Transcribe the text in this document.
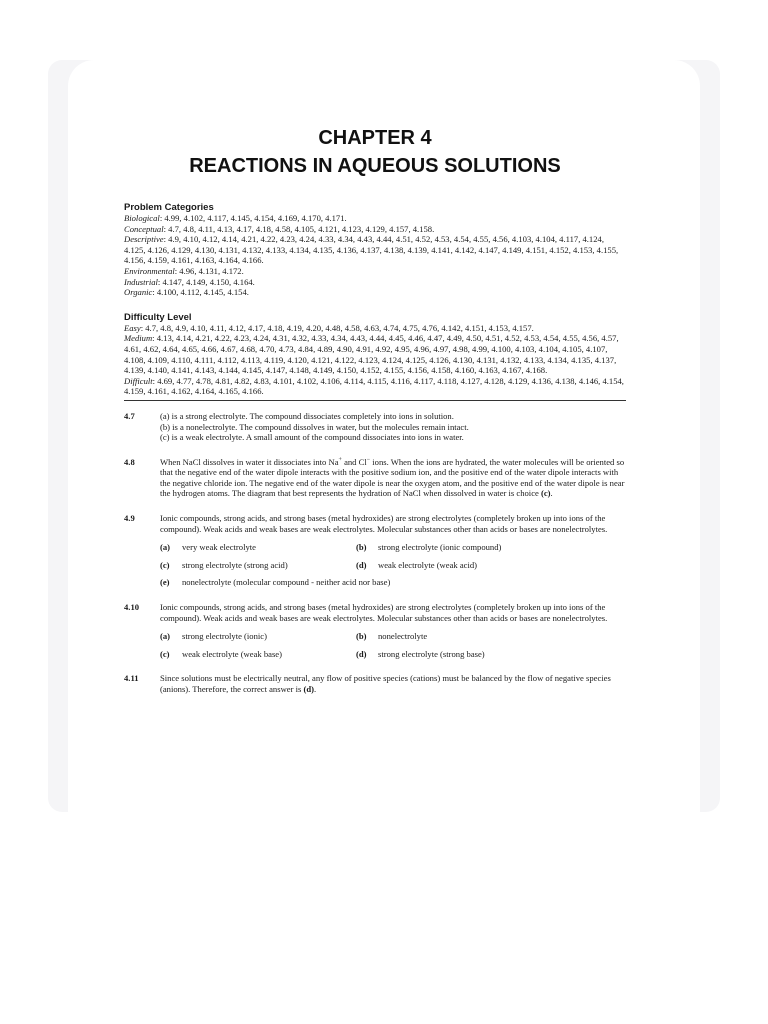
CHAPTER 4
REACTIONS IN AQUEOUS SOLUTIONS
Problem Categories

Biological: 4.99, 4.102, 4.117, 4.145, 4.154, 4.169, 4.170, 4.171.

Conceptual: 4.7, 4.8, 4.11, 4.13, 4.17, 4.18, 4.58, 4.105, 4.121, 4.123, 4.129, 4.157, 4.158.

Descriptive: 4.9, 4.10, 4.12, 4.14, 4.21, 4.22, 4.23, 4.24, 4.33, 4.34, 4.43, 4.44, 4.51, 4.52, 4.53, 4.54, 4.55, 4.56, 4.103, 4.104, 4.117, 4.124, 4.125, 4.126, 4.129, 4.130, 4.131, 4.132, 4.133, 4.134, 4.135, 4.136, 4.137, 4.138, 4.139, 4.141, 4.142, 4.147, 4.149, 4.151, 4.152, 4.153, 4.155, 4.156, 4.159, 4.161, 4.163, 4.164, 4.166.

Environmental: 4.96, 4.131, 4.172.

Industrial: 4.147, 4.149, 4.150, 4.164.

Organic: 4.100, 4.112, 4.145, 4.154.

Difficulty Level

Easy: 4.7, 4.8, 4.9, 4.10, 4.11, 4.12, 4.17, 4.18, 4.19, 4.20, 4.48, 4.58, 4.63, 4.74, 4.75, 4.76, 4.142, 4.151, 4.153, 4.157.

Medium: 4.13, 4.14, 4.21, 4.22, 4.23, 4.24, 4.31, 4.32, 4.33, 4.34, 4.43, 4.44, 4.45, 4.46, 4.47, 4.49, 4.50, 4.51, 4.52, 4.53, 4.54, 4.55, 4.56, 4.57, 4.61, 4.62, 4.64, 4.65, 4.66, 4.67, 4.68, 4.70, 4.73, 4.84, 4.89, 4.90, 4.91, 4.92, 4.95, 4.96, 4.97, 4.98, 4.99, 4.100, 4.103, 4.104, 4.105, 4.107, 4.108, 4.109, 4.110, 4.111, 4.112, 4.113, 4.119, 4.120, 4.121, 4.122, 4.123, 4.124, 4.125, 4.126, 4.130, 4.131, 4.132, 4.133, 4.134, 4.135, 4.137, 4.139, 4.140, 4.141, 4.143, 4.144, 4.145, 4.147, 4.148, 4.149, 4.150, 4.152, 4.155, 4.156, 4.158, 4.160, 4.163, 4.167, 4.168.

Difficult: 4.69, 4.77, 4.78, 4.81, 4.82, 4.83, 4.101, 4.102, 4.106, 4.114, 4.115, 4.116, 4.117, 4.118, 4.127, 4.128, 4.129, 4.136, 4.138, 4.146, 4.154, 4.159, 4.161, 4.162, 4.164, 4.165, 4.166.

4.7	(a) is a strong electrolyte. The compound dissociates completely into ions in solution.

(b) is a nonelectrolyte. The compound dissolves in water, but the molecules remain intact.

(c) is a weak electrolyte. A small amount of the compound dissociates into ions in water.

4.8	When NaCl dissolves in water it dissociates into Na+ and Cl− ions. When the ions are hydrated, the water molecules will be oriented so that the negative end of the water dipole interacts with the positive sodium ion, and the positive end of the water dipole interacts with the negative chloride ion. The negative end of the water dipole is near the oxygen atom, and the positive end of the water dipole is near the hydrogen atoms. The diagram that best represents the hydration of NaCl when dissolved in water is choice (c).

4.9	Ionic compounds, strong acids, and strong bases (metal hydroxides) are strong electrolytes (completely broken up into ions of the compound). Weak acids and weak bases are weak electrolytes. Molecular substances other than acids or bases are nonelectrolytes.

(a)	very weak electrolyte	(b)	strong electrolyte (ionic compound)
(c)	strong electrolyte (strong acid)	(d)	weak electrolyte (weak acid)
(e)	nonelectrolyte (molecular compound - neither acid nor base)
4.10	Ionic compounds, strong acids, and strong bases (metal hydroxides) are strong electrolytes (completely broken up into ions of the compound). Weak acids and weak bases are weak electrolytes. Molecular substances other than acids or bases are nonelectrolytes.

(a)	strong electrolyte (ionic)	(b)	nonelectrolyte
(c)	weak electrolyte (weak base)	(d)	strong electrolyte (strong base)
4.11	Since solutions must be electrically neutral, any flow of positive species (cations) must be balanced by the flow of negative species (anions). Therefore, the correct answer is (d).
